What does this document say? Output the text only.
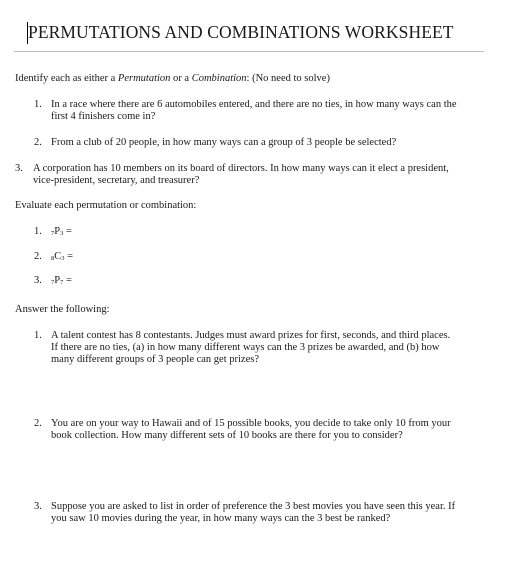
PERMUTATIONS AND COMBINATIONS WORKSHEET
Identify each as either a Permutation or a Combination: (No need to solve)
1. In a race where there are 6 automobiles entered, and there are no ties, in how many ways can the
first 4 finishers come in?
2. From a club of 20 people, in how many ways can a group of 3 people be selected?
3. A corporation has 10 members on its board of directors. In how many ways can it elect a president,
vice-president, secretary, and treasurer?
Evaluate each permutation or combination:
1. 7P3 =
2. 8C3 =
3. 7P7 =
Answer the following:
1. A talent contest has 8 contestants. Judges must award prizes for first, seconds, and third places.
If there are no ties, (a) in how many different ways can the 3 prizes be awarded, and (b) how
many different groups of 3 people can get prizes?
2. You are on your way to Hawaii and of 15 possible books, you decide to take only 10 from your
book collection. How many different sets of 10 books are there for you to consider?
3. Suppose you are asked to list in order of preference the 3 best movies you have seen this year. If
you saw 10 movies during the year, in how many ways can the 3 best be ranked?
